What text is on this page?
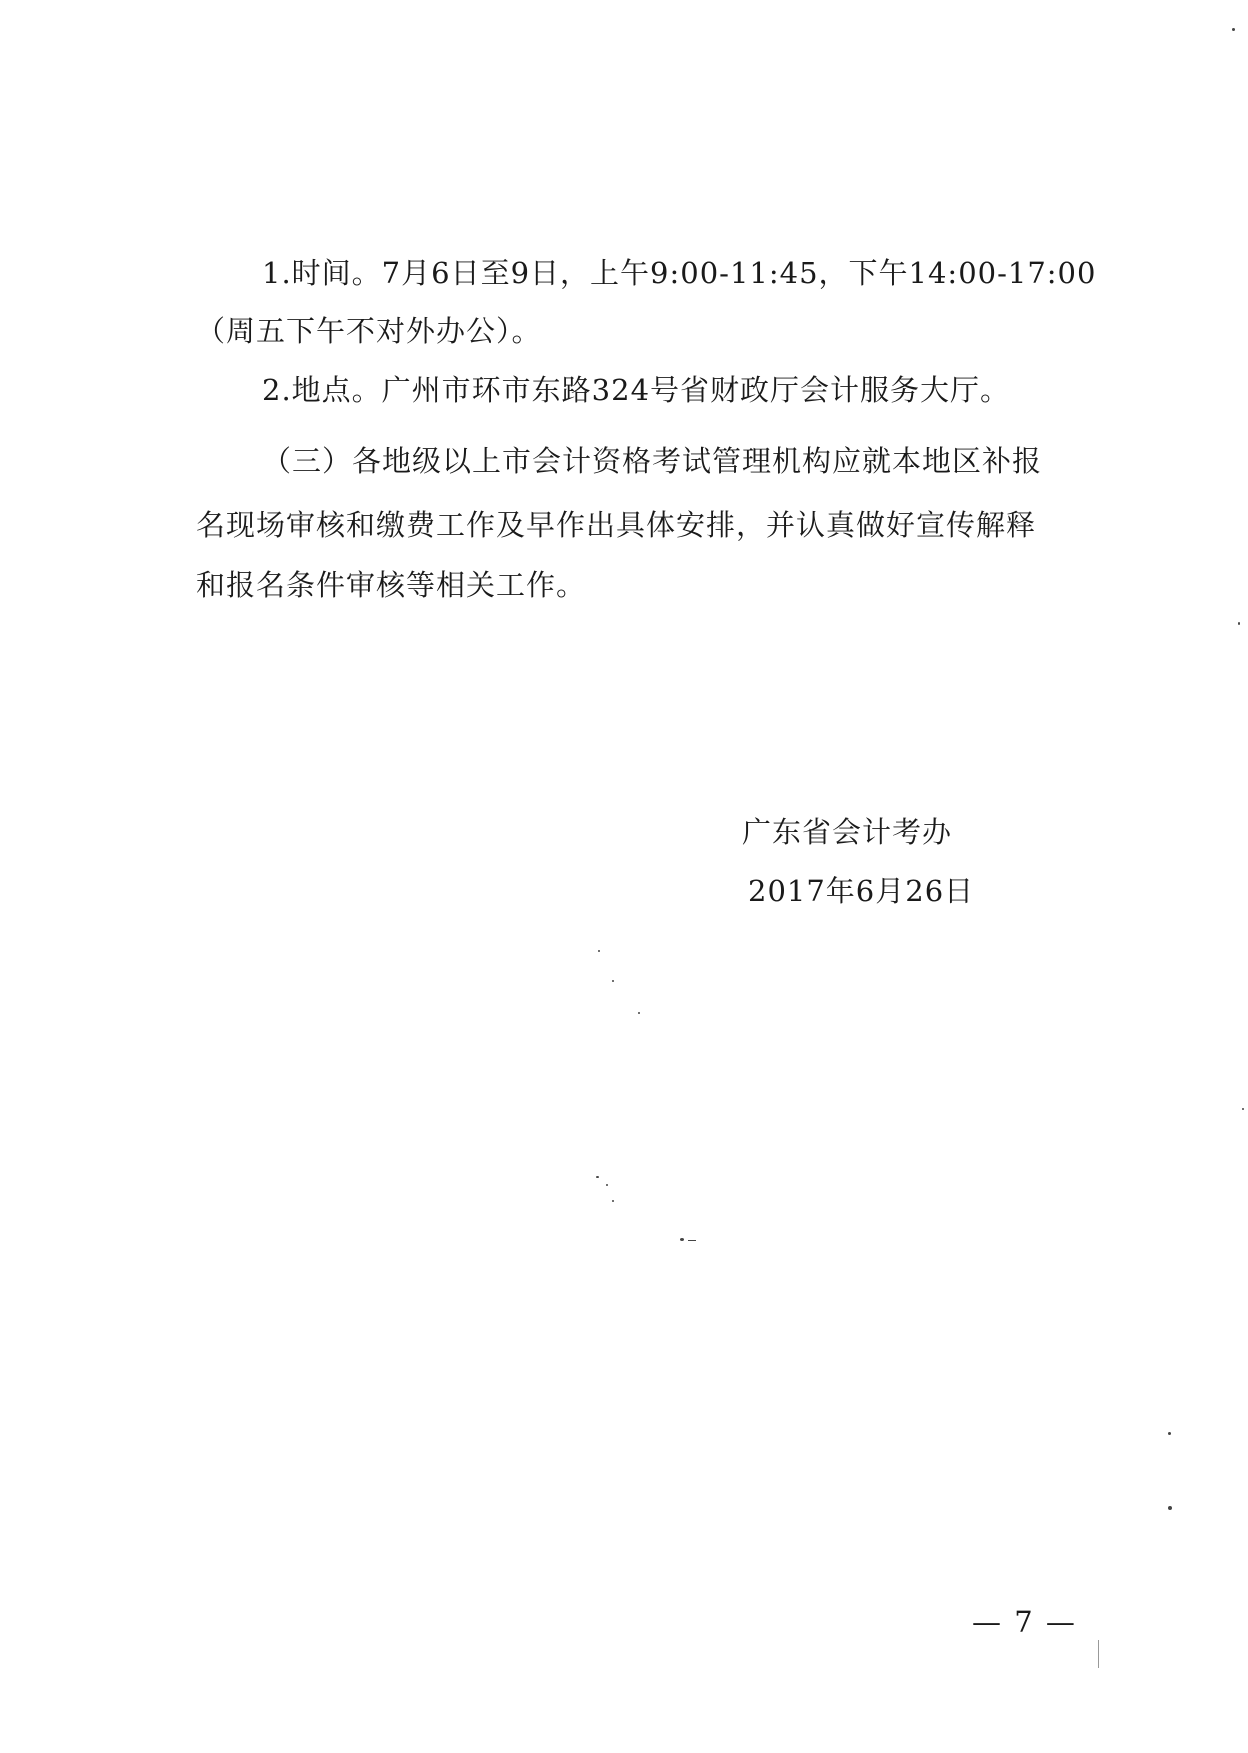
1.时间。7月6日至9日，上午9:00-11:45，下午14:00-17:00
（周五下午不对外办公）。
2.地点。广州市环市东路324号省财政厅会计服务大厅。
（三）各地级以上市会计资格考试管理机构应就本地区补报
名现场审核和缴费工作及早作出具体安排，并认真做好宣传解释
和报名条件审核等相关工作。
广东省会计考办
2017年6月26日
— 7 —
